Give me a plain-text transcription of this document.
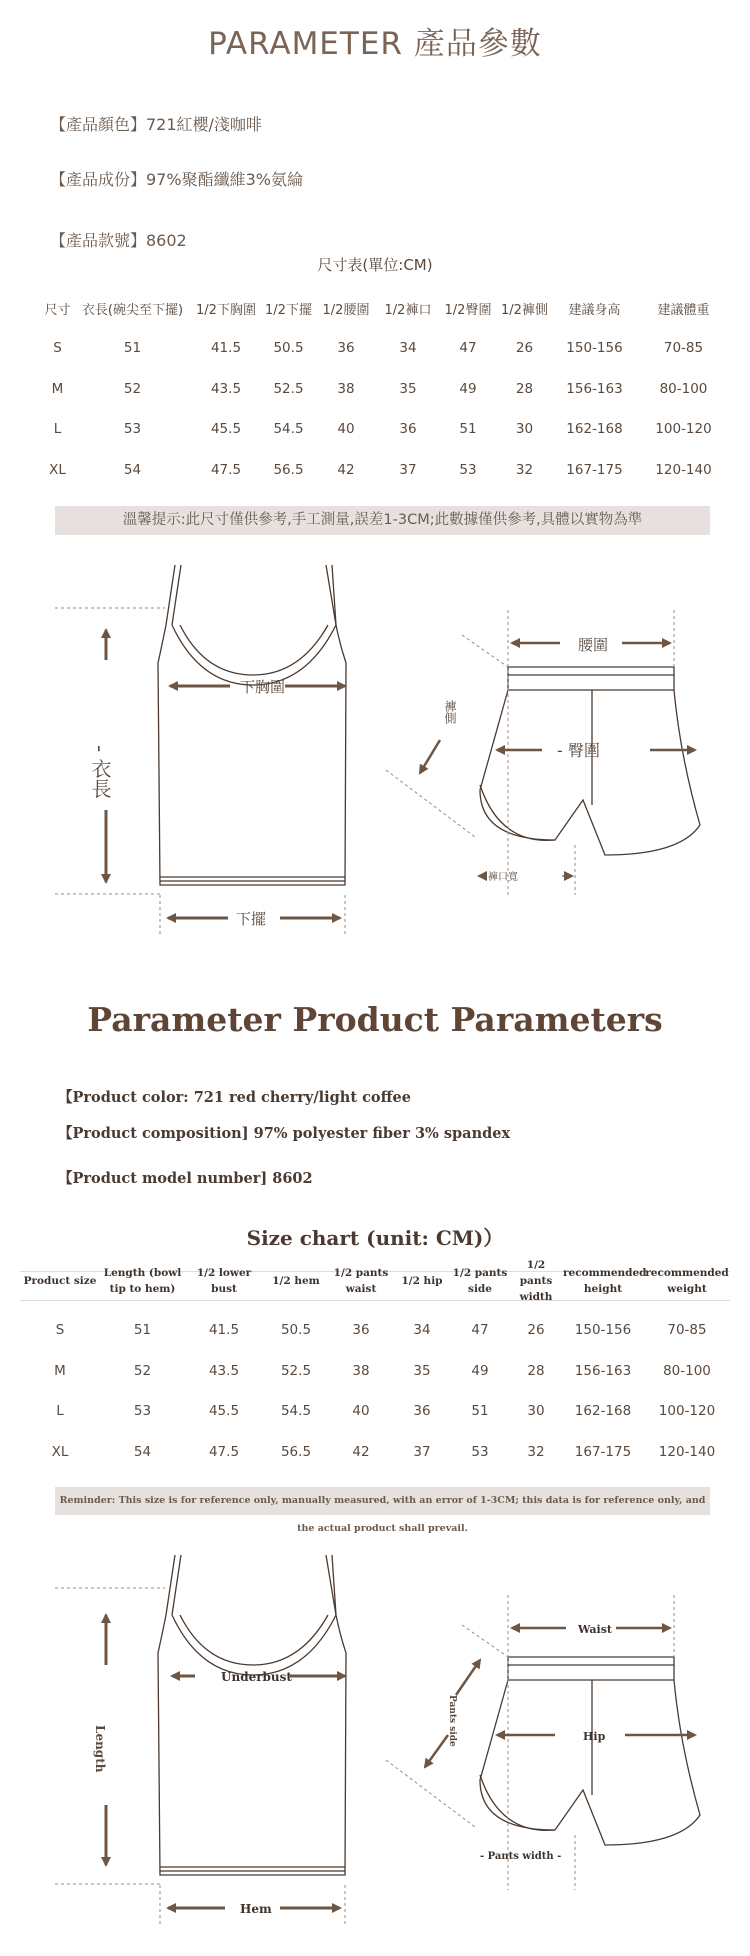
PARAMETER 產品參數
【產品顏色】721紅櫻/淺咖啡
【產品成份】97%聚酯纖維3%氨綸
【產品款號】8602
尺寸表(單位:CM)
尺寸	衣長(碗尖至下擺)	1/2下胸圍	1/2下擺	1/2腰圍	1/2褲口	1/2臀圍	1/2褲側	建議身高	建議體重
S	51	41.5	50.5	36	34	47	26	150-156	70-85
M	52	43.5	52.5	38	35	49	28	156-163	80-100
L	53	45.5	54.5	40	36	51	30	162-168	100-120
XL	54	47.5	56.5	42	37	53	32	167-175	120-140
溫馨提示:此尺寸僅供參考,手工測量,誤差1-3CM;此數據僅供參考,具體以實物為準
- 衣長
下胸圍
下擺
腰圍
- 臀圍
褲側
褲口寬
Parameter Product Parameters
【Product color: 721 red cherry/light coffee
【Product composition] 97% polyester fiber 3% spandex
【Product model number] 8602
Size chart (unit: CM)）
Product size	Length (bowl tip to hem)	1/2 lower bust	1/2 hem	1/2 pants waist	1/2 hip	1/2 pants side	1/2 pants width	recommended height	recommended weight
S	51	41.5	50.5	36	34	47	26	150-156	70-85
M	52	43.5	52.5	38	35	49	28	156-163	80-100
L	53	45.5	54.5	40	36	51	30	162-168	100-120
XL	54	47.5	56.5	42	37	53	32	167-175	120-140
Reminder: This size is for reference only, manually measured, with an error of 1-3CM; this data is for reference only, and the actual product shall prevail.
Length
Underbust
Hem
Waist
Hip
Pants side
- Pants width -
